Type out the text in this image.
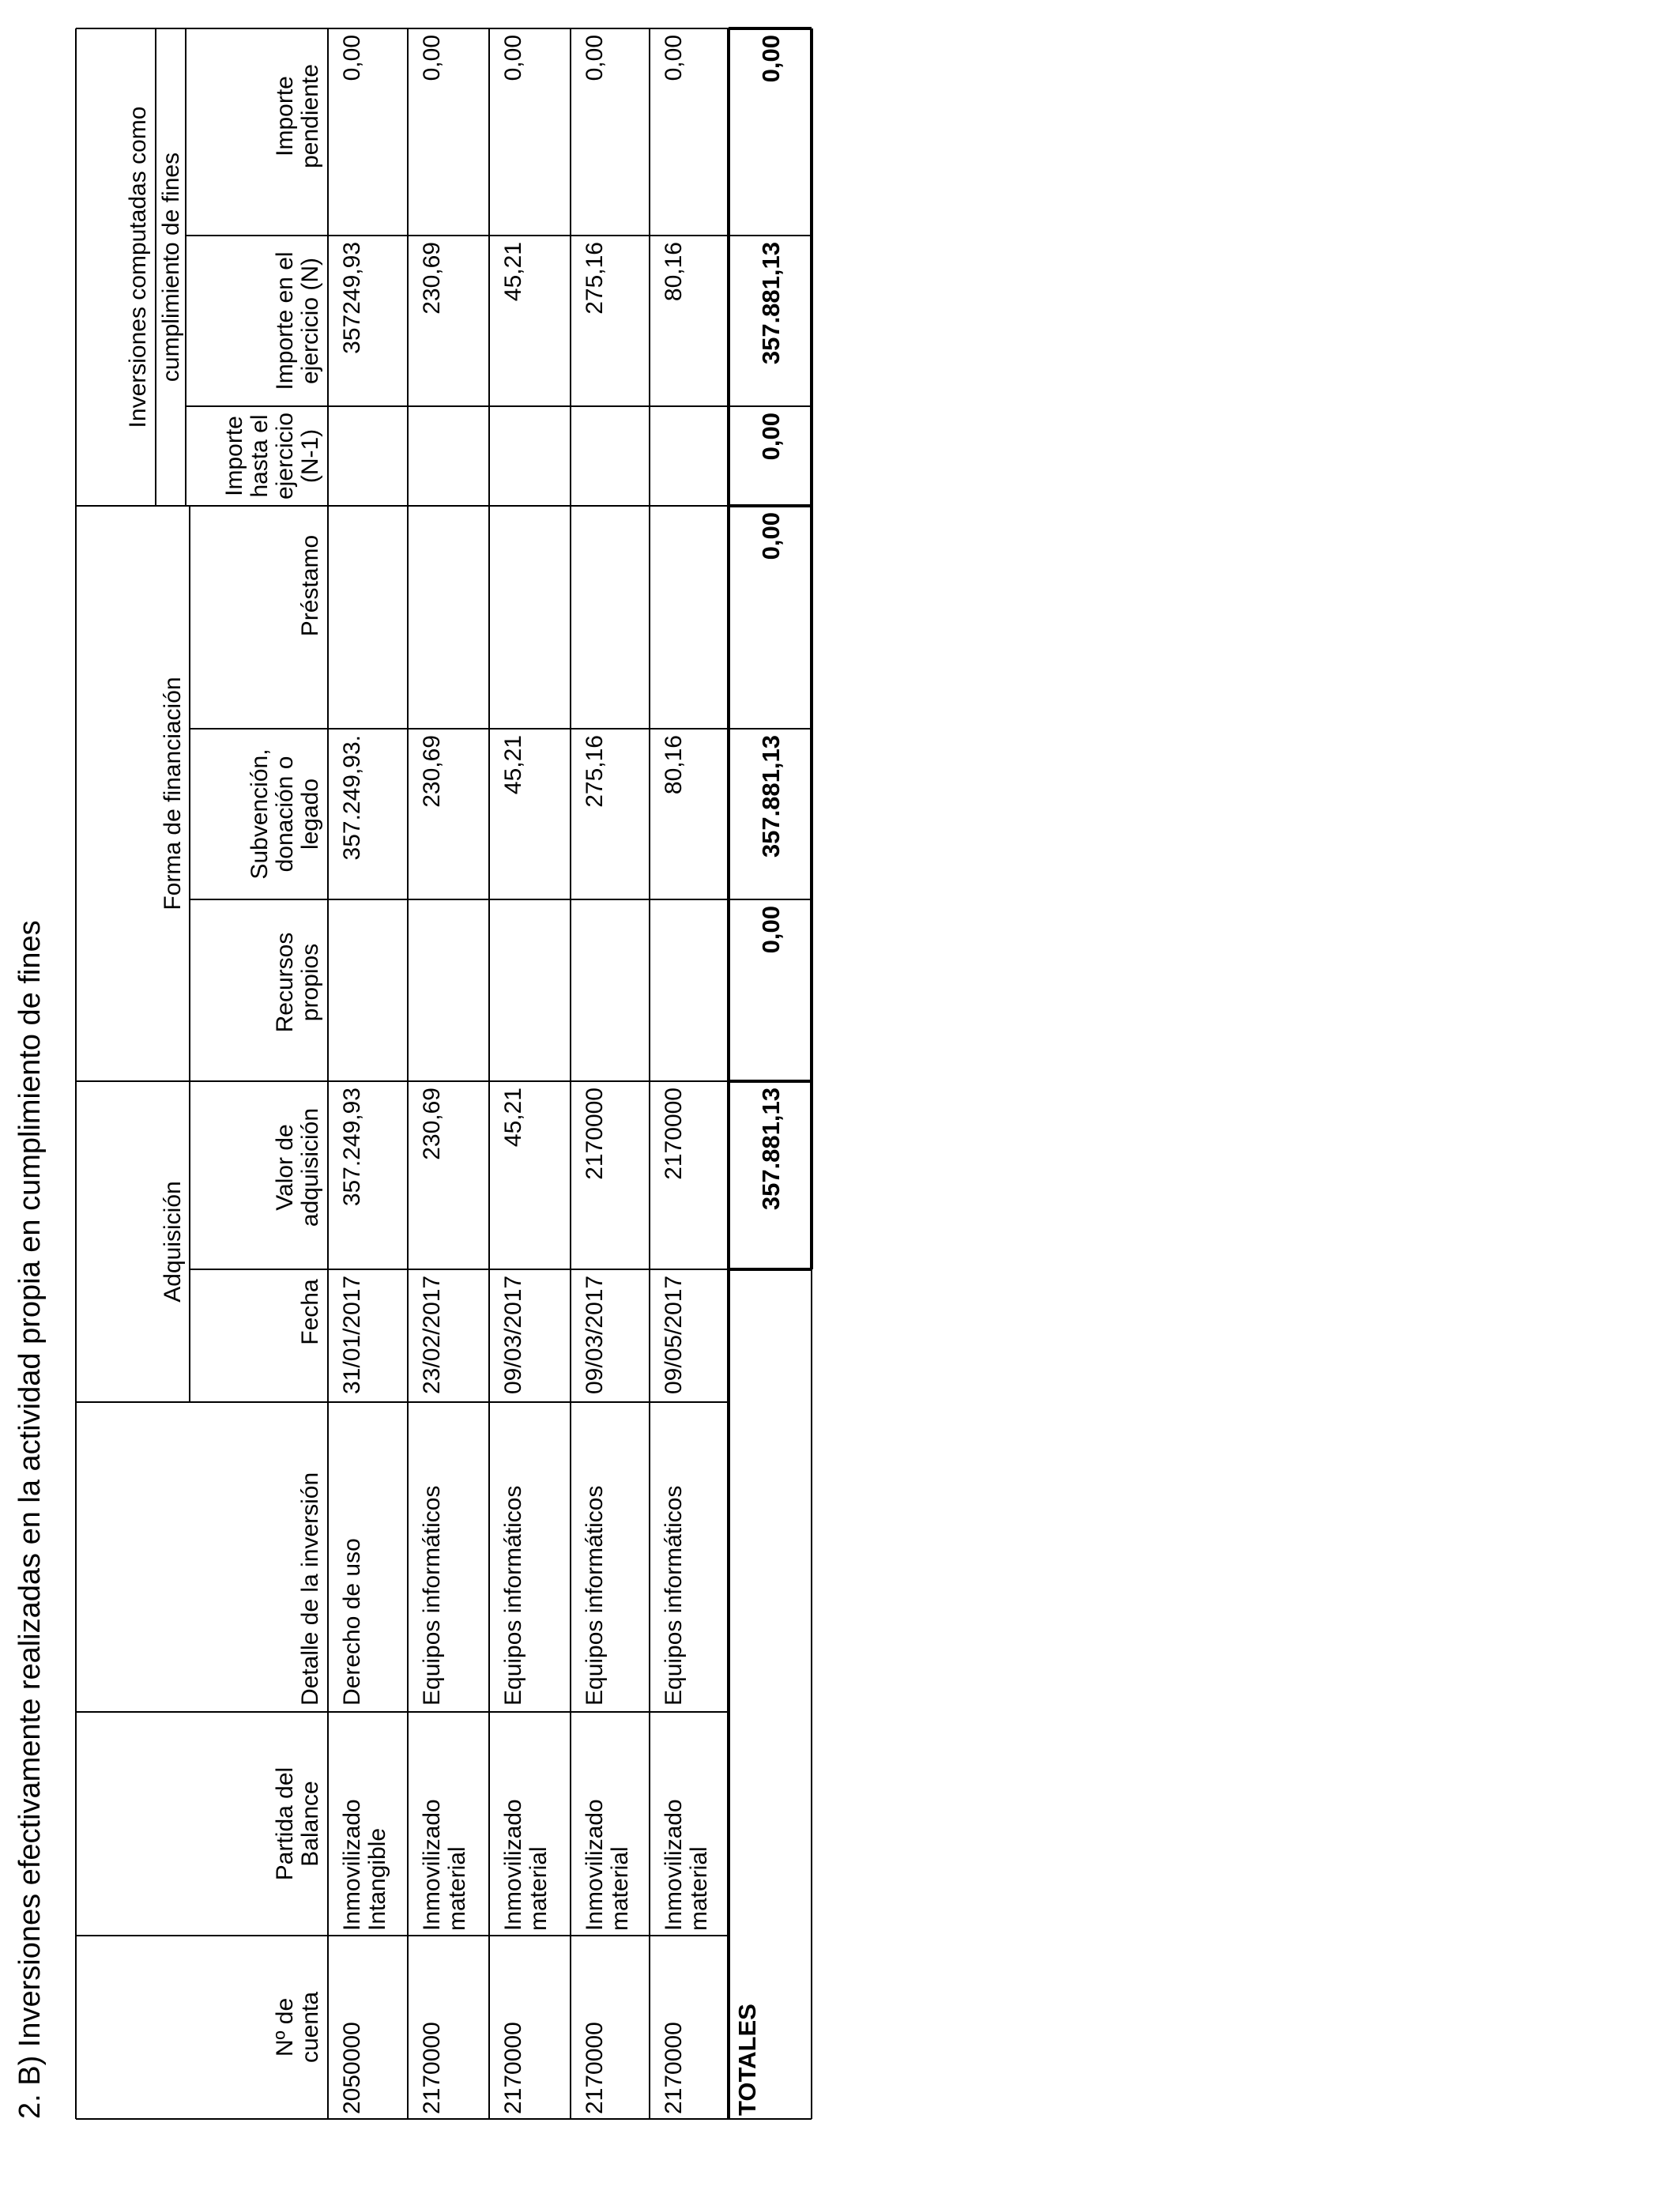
2. B) Inversiones efectivamente realizadas en la actividad propia en cumplimiento de fines	Adquisición
Forma de financiación
Inversiones computadas como cumplimiento de fines
Nº de cuenta
Partida del Balance
Detalle de la inversión
Fecha
Valor de adquisición
Recursos propios
Subvención, donación o legado
Préstamo
Importe hasta el ejercicio (N-1)
Importe en el ejercicio (N)
Importe pendiente
2050000
Inmovilizado Intangible
Derecho de uso
31/01/2017
357.249,93
357.249,93.
357249,93
0,00
2170000
Inmovilizado material
Equipos informáticos
23/02/2017
230,69
230,69
230,69
0,00
2170000
Inmovilizado material
Equipos informáticos
09/03/2017
45,21
45,21
45,21
0,00
2170000
Inmovilizado material
Equipos informáticos
09/03/2017
2170000
275,16
275,16
0,00
2170000
Inmovilizado material
Equipos informáticos
09/05/2017
2170000
80,16
80,16
0,00
TOTALES
357.881,13
0,00
357.881,13
0,00
0,00
357.881,13
0,00
